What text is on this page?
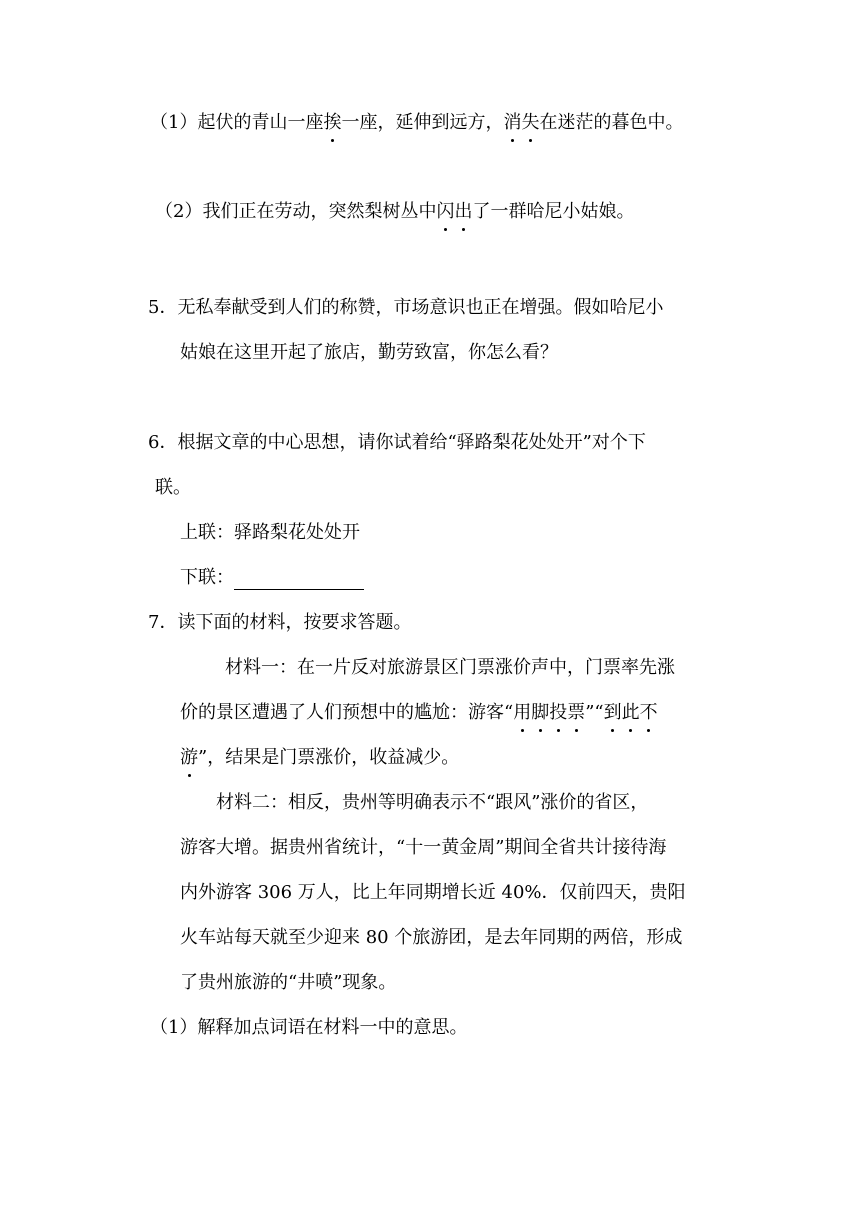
（1）起伏的青山一座挨一座，延伸到远方，消失在迷茫的暮色中。
（2）我们正在劳动，突然梨树丛中闪出了一群哈尼小姑娘。
5．无私奉献受到人们的称赞，市场意识也正在增强。假如哈尼小
姑娘在这里开起了旅店，勤劳致富，你怎么看？
6．根据文章的中心思想，请你试着给“驿路梨花处处开”对个下
联。
上联：驿路梨花处处开
下联：
7．读下面的材料，按要求答题。
材料一：在一片反对旅游景区门票涨价声中，门票率先涨
价的景区遭遇了人们预想中的尴尬：游客“用脚投票”“到此不
游”，结果是门票涨价，收益减少。
材料二：相反，贵州等明确表示不“跟风”涨价的省区，
游客大增。据贵州省统计，“十一黄金周”期间全省共计接待海
内外游客 306 万人，比上年同期增长近 40%．仅前四天，贵阳
火车站每天就至少迎来 80 个旅游团，是去年同期的两倍，形成
了贵州旅游的“井喷”现象。
（1）解释加点词语在材料一中的意思。
